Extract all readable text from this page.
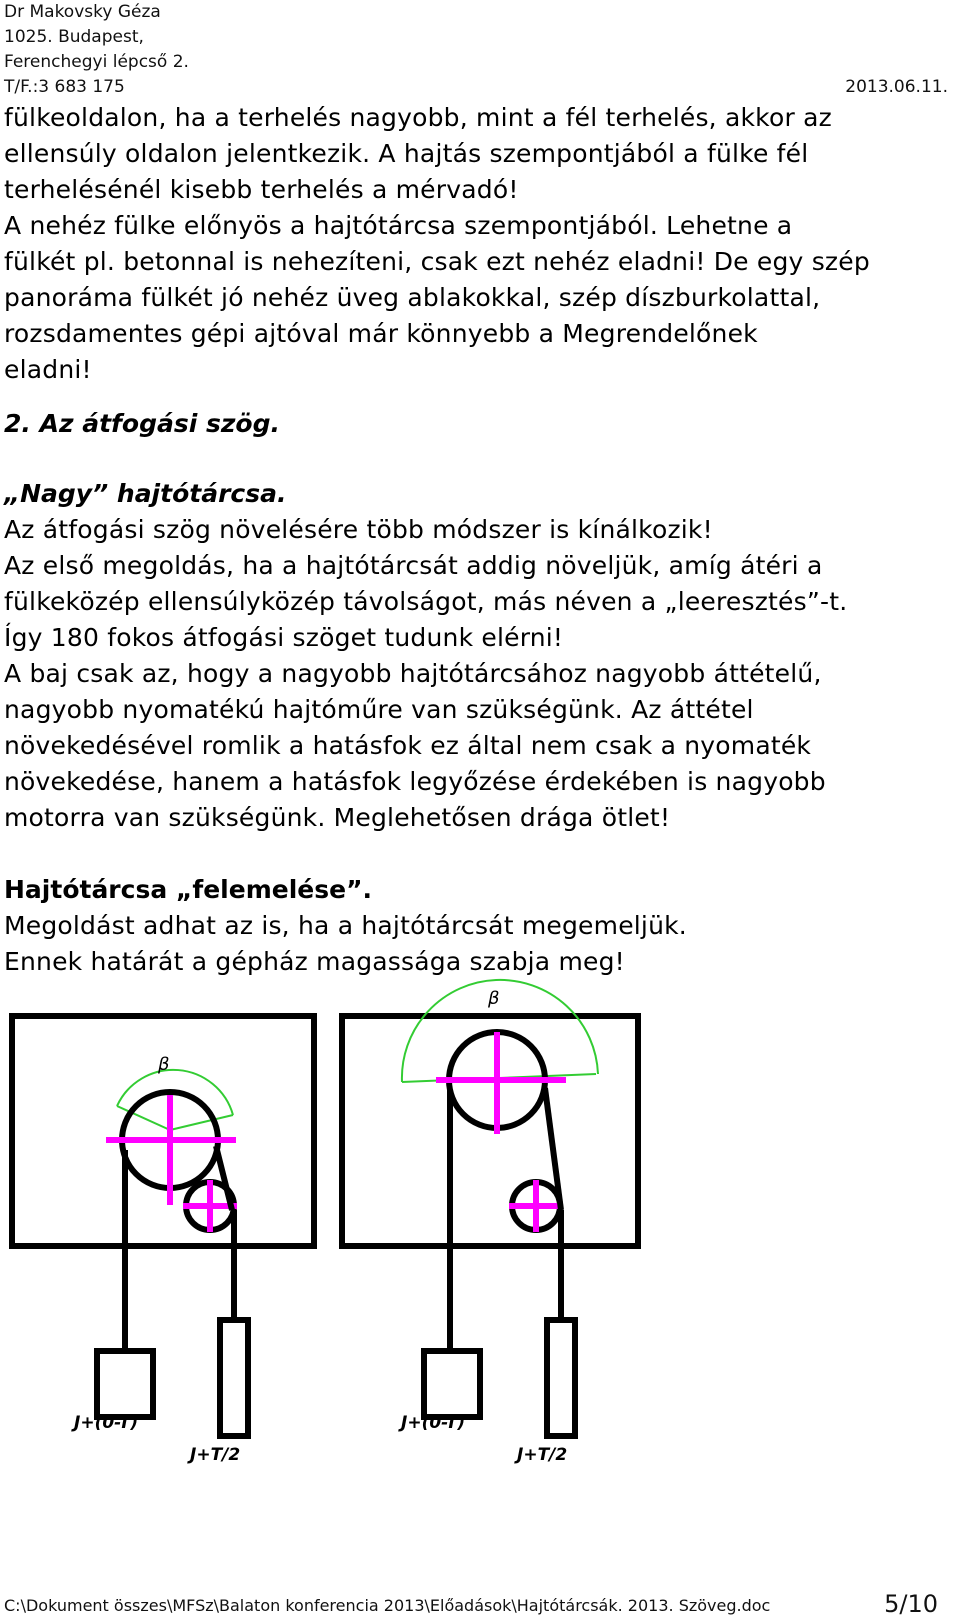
Dr Makovsky Géza
1025. Budapest,
Ferenchegyi lépcső 2.
T/F.:3 683 175	2013.06.11.

fülkeoldalon, ha a terhelés nagyobb, mint a fél terhelés, akkor az

ellensúly oldalon jelentkezik. A hajtás szempontjából a fülke fél

terhelésénél kisebb terhelés a mérvadó!

A nehéz fülke előnyös a hajtótárcsa szempontjából. Lehetne a

fülkét pl. betonnal is nehezíteni, csak ezt nehéz eladni! De egy szép

panoráma fülkét jó nehéz üveg ablakokkal, szép díszburkolattal,

rozsdamentes gépi ajtóval már könnyebb a Megrendelőnek

eladni!

2. Az átfogási szög.

„Nagy” hajtótárcsa.

Az átfogási szög növelésére több módszer is kínálkozik!

Az első megoldás, ha a hajtótárcsát addig növeljük, amíg átéri a

fülkeközép ellensúlyközép távolságot, más néven a „leeresztés”-t.

Így 180 fokos átfogási szöget tudunk elérni!

A baj csak az, hogy a nagyobb hajtótárcsához nagyobb áttételű,

nagyobb nyomatékú hajtóműre van szükségünk. Az áttétel

növekedésével romlik a hatásfok ez által nem csak a nyomaték

növekedése, hanem a hatásfok legyőzése érdekében is nagyobb

motorra van szükségünk. Meglehetősen drága ötlet!

Hajtótárcsa „felemelése”.

Megoldást adhat az is, ha a hajtótárcsát megemeljük.

Ennek határát a gépház magassága szabja meg!

β
J+(0-T)
J+T/2
β
J+(0-T)
J+T/2
C:\Dokument összes\MFSz\Balaton konferencia 2013\Előadások\Hajtótárcsák. 2013. Szöveg.doc	5/10
